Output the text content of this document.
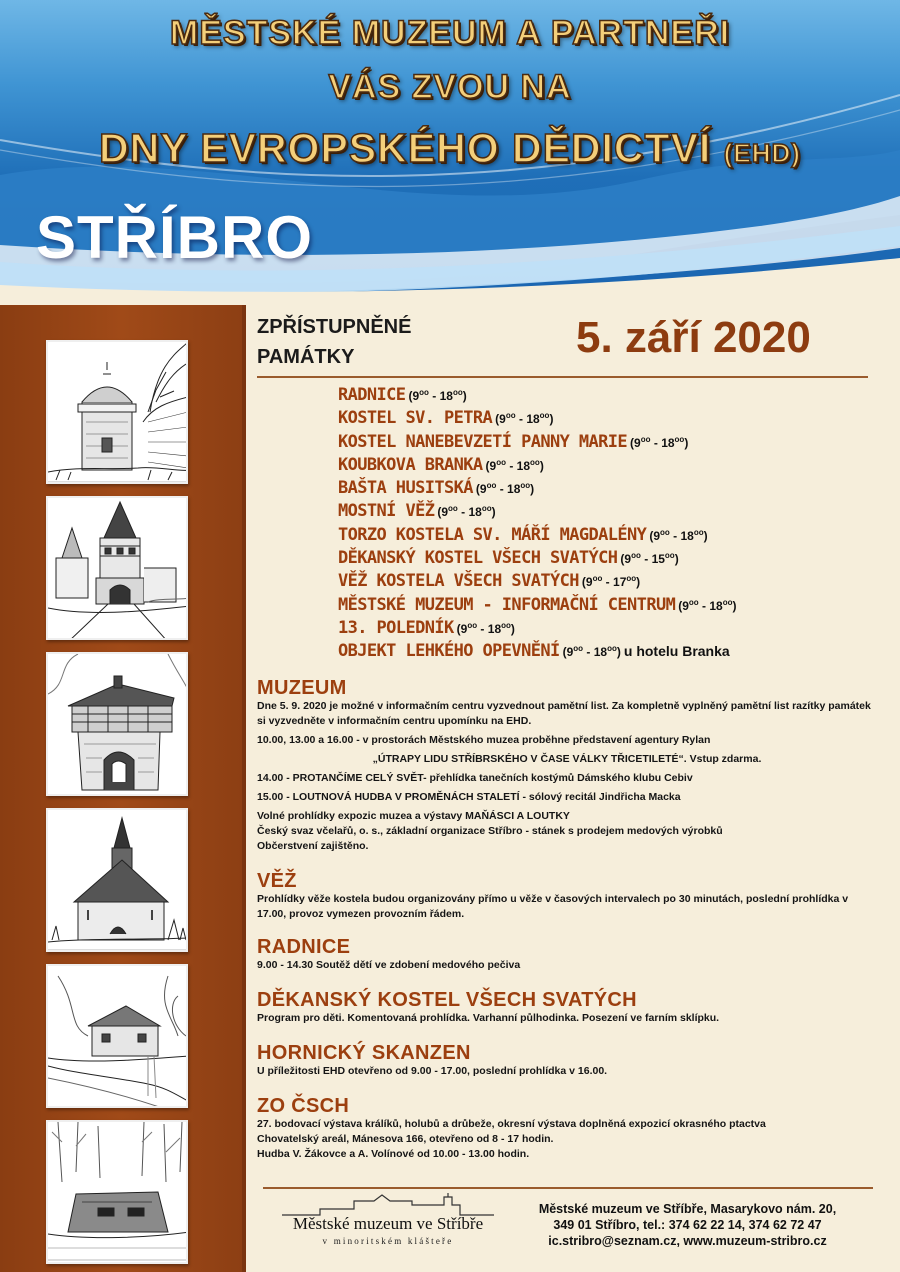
MĚSTSKÉ MUZEUM A PARTNEŘI
VÁS ZVOU NA
DNY EVROPSKÉHO DĚDICTVÍ (EHD)
STŘÍBRO
ZPŘÍSTUPNĚNÉ
PAMÁTKY	5. září 2020
RADNICE $(9^{oo} - 18^{oo})$
KOSTEL SV. PETRA $(9^{oo} - 18^{oo})$
KOSTEL NANEBEVZETÍ PANNY MARIE $(9^{oo} - 18^{oo})$
KOUBKOVA BRANKA $(9^{oo} - 18^{oo})$
BAŠTA HUSITSKÁ $(9^{oo} - 18^{oo})$
MOSTNÍ VĚŽ $(9^{oo} - 18^{oo})$
TORZO KOSTELA SV. MÁŘÍ MAGDALÉNY $(9^{oo} - 18^{oo})$
DĚKANSKÝ KOSTEL VŠECH SVATÝCH $(9^{oo} - 15^{oo})$
VĚŽ KOSTELA VŠECH SVATÝCH $(9^{oo} - 17^{oo})$
MĚSTSKÉ MUZEUM - INFORMAČNÍ CENTRUM $(9^{oo} - 18^{oo})$
13. POLEDNÍK $(9^{oo} - 18^{oo})$
OBJEKT LEHKÉHO OPEVNĚNÍ $(9^{oo} - 18^{oo})$ u hotelu Branka
MUZEUM

Dne 5. 9. 2020 je možné v informačním centru vyzvednout pamětní list. Za kompletně vyplněný pamětní list razítky památek si vyzvedněte v informačním centru upomínku na EHD.

10.00, 13.00 a 16.00 - v prostorách Městského muzea proběhne představení agentury Rylan

„ÚTRAPY LIDU STŘÍBRSKÉHO V ČASE VÁLKY TŘICETILETÉ“. Vstup zdarma.

14.00 - PROTANČÍME CELÝ SVĚT- přehlídka tanečních kostýmů Dámského klubu Cebiv

15.00 - LOUTNOVÁ HUDBA V PROMĚNÁCH STALETÍ - sólový recitál Jindřicha Macka

Volné prohlídky expozic muzea a výstavy MAŇÁSCI A LOUTKY

Český svaz včelařů, o. s., základní organizace Stříbro - stánek s prodejem medových výrobků

Občerstvení zajištěno.

VĚŽ

Prohlídky věže kostela budou organizovány přímo u věže v časových intervalech po 30 minutách, poslední prohlídka v 17.00, provoz vymezen provozním řádem.

RADNICE

9.00 - 14.30 Soutěž dětí ve zdobení medového pečiva

DĚKANSKÝ KOSTEL VŠECH SVATÝCH

Program pro děti. Komentovaná prohlídka. Varhanní půlhodinka. Posezení ve farním sklípku.

HORNICKÝ SKANZEN

U příležitosti EHD otevřeno od 9.00 - 17.00, poslední prohlídka v 16.00.

ZO ČSCH

27. bodovací výstava králíků, holubů a drůbeže, okresní výstava doplněná expozicí okrasného ptactva

Chovatelský areál, Mánesova 166, otevřeno od 8 - 17 hodin.

Hudba V. Žákovce a A. Volínové od 10.00 - 13.00 hodin.

Městské muzeum ve Stříbře
v minoritském klášteře
Městské muzeum ve Stříbře, Masarykovo nám. 20,
349 01 Stříbro, tel.: 374 62 22 14, 374 62 72 47
ic.stribro@seznam.cz, www.muzeum-stribro.cz
